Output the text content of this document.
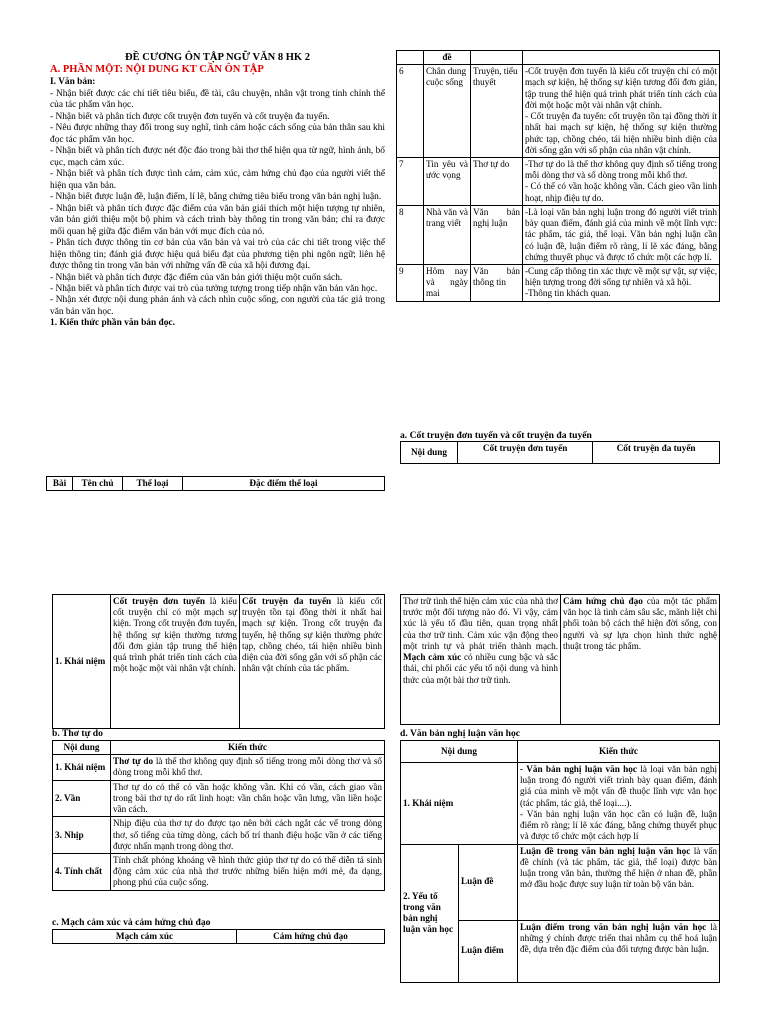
ĐỀ CƯƠNG ÔN TẬP NGỮ VĂN 8 HK 2
A. PHẦN MỘT: NỘI DUNG KT CẦN ÔN TẬP
I. Văn bản:

- Nhận biết được các chi tiết tiêu biểu, đề tài, câu chuyện, nhân vật trong tính chỉnh thể của tác phẩm văn học.

- Nhận biết và phân tích được cốt truyện đơn tuyến và cốt truyện đa tuyến.

- Nêu được những thay đổi trong suy nghĩ, tình cảm hoặc cách sống của bản thân sau khi đọc tác phẩm văn học.

- Nhận biết và phân tích được nét độc đáo trong bài thơ thể hiện qua từ ngữ, hình ảnh, bố cục, mạch cảm xúc.

- Nhận biết và phân tích được tình cảm, cảm xúc, cảm hứng chủ đạo của người viết thể hiện qua văn bản.

- Nhận biết được luận đề, luận điểm, lí lẽ, bằng chứng tiêu biểu trong văn bản nghị luận.

- Nhận biết và phân tích được đặc điểm của văn bản giải thích một hiện tượng tự nhiên, văn bản giới thiệu một bộ phim và cách trình bày thông tin trong văn bản; chỉ ra được mối quan hệ giữa đặc điểm văn bản với mục đích của nó.

- Phân tích được thông tin cơ bản của văn bản và vai trò của các chi tiết trong việc thể hiện thông tin; đánh giá được hiệu quả biểu đạt của phương tiện phi ngôn ngữ; liên hệ được thông tin trong văn bản với những vấn đề của xã hội đương đại.

- Nhận biết và phân tích được đặc điểm của văn bản giới thiệu một cuốn sách.

- Nhận biết và phân tích được vai trò của tưởng tượng trong tiếp nhận văn bản văn học.

- Nhận xét được nội dung phản ánh và cách nhìn cuộc sống, con người của tác giả trong văn bản văn học.

1. Kiến thức phần văn bản đọc.

Bài	Tên chủ	Thể loại	Đặc điểm thể loại
	đề		
6	Chân dung cuộc sống	Truyện, tiểu thuyết	-Cốt truyện đơn tuyến là kiểu cốt truyện chỉ có một mạch sự kiện, hệ thống sự kiện tương đối đơn giản, tập trung thể hiện quá trình phát triển tính cách của đời một hoặc một vài nhân vật chính.
- Cốt truyện đa tuyến: cốt truyện tồn tại đồng thời ít nhất hai mạch sự kiện, hệ thống sự kiện thường phức tạp, chồng chéo, tái hiện nhiều bình diện của đời sống gắn với số phận của nhân vật chính.
7	Tin yêu và ước vọng	Thơ tự do	-Thơ tự do là thể thơ không quy định số tiếng trong mỗi dòng thơ và số dòng trong mỗi khổ thơ.
- Có thể có vần hoặc không vần. Cách gieo vần linh hoạt, nhịp điệu tự do.
8	Nhà văn và trang viết	Văn bản nghị luận	-Là loại văn bản nghị luận trong đó người viết trình bày quan điểm, đánh giá của mình về một lĩnh vực: tác phẩm, tác giả, thể loại. Văn bản nghị luận cần có luận đề, luận điểm rõ ràng, lí lẽ xác đáng, bằng chứng thuyết phục và được tổ chức một các hợp lí.
9	Hôm nay và ngày mai	Văn bản thông tin	-Cung cấp thông tin xác thực về một sự vật, sự việc, hiện tượng trong đời sống tự nhiên và xã hội.
-Thông tin khách quan.
a. Cốt truyện đơn tuyến và cốt truyện đa tuyến
Nội dung	Cốt truyện đơn tuyến	Cốt truyện đa tuyến
1. Khái niệm	Cốt truyện đơn tuyến là kiểu cốt truyện chỉ có một mạch sự kiện. Trong cốt truyện đơn tuyến, hệ thống sự kiện thường tương đối đơn giản tập trung thể hiện quá trình phát triển tính cách của một hoặc một vài nhân vật chính.	Cốt truyện đa tuyến là kiểu cốt truyện tồn tại đồng thời ít nhất hai mạch sự kiện. Trong cốt truyện đa tuyến, hệ thống sự kiện thường phức tạp, chồng chéo, tái hiện nhiều bình diện của đời sống gắn với số phận các nhân vật chính của tác phẩm.
b. Thơ tự do
Nội dung	Kiến thức
1. Khái niệm	Thơ tự do là thể thơ không quy định số tiếng trong mỗi dòng thơ và số dòng trong mỗi khổ thơ.
2. Vần	Thơ tự do có thể có vần hoặc không vần. Khi có vần, cách giao vần trong bài thơ tự do rất linh hoạt: vần chân hoặc vần lưng, vần liền hoặc vần cách.
3. Nhịp	Nhịp điệu của thơ tự do được tạo nên bởi cách ngắt các vế trong dòng thơ, số tiếng của từng dòng, cách bố trí thanh điệu hoặc vần ở các tiếng được nhấn mạnh trong dòng thơ.
4. Tính chất	Tính chất phóng khoáng về hình thức giúp thơ tự do có thể diễn tả sinh động cảm xúc của nhà thơ trước những biến hiện mới mẻ, đa dạng, phong phú của cuộc sống.
c. Mạch cảm xúc và cảm hứng chủ đạo
Mạch cảm xúc	Cảm hứng chủ đạo
Thơ trữ tình thể hiện cảm xúc của nhà thơ trước một đối tượng nào đó. Vì vậy, cảm xúc là yếu tố đầu tiên, quan trọng nhất của thơ trữ tình. Cảm xúc vận động theo một trình tự và phát triển thành mạch. Mạch cảm xúc có nhiều cung bậc và sắc thái, chi phối các yếu tố nội dung và hình thức của một bài thơ trữ tình.	Cảm hứng chủ đạo của một tác phẩm văn học là tình cảm sâu sắc, mãnh liệt chi phối toàn bộ cách thể hiện đời sống, con người và sự lựa chọn hình thức nghệ thuật trong tác phẩm.
d. Văn bản nghị luận văn học
Nội dung		Kiến thức
1. Khái niệm		- Văn bản nghị luận văn học là loại văn bản nghị luận trong đó người viết trình bày quan điểm, đánh giá của mình về một vấn đề thuộc lĩnh vực văn học (tác phẩm, tác giả, thể loại....).
- Văn bản nghị luận văn học cần có luận đề, luận điểm rõ ràng; lí lẽ xác đáng, bằng chứng thuyết phục và được tổ chức một cách hợp lí
2. Yếu tố trong văn bản nghị luận văn học	Luận đề	Luận đề trong văn bản nghị luận văn học là vấn đề chính (và tác phẩm, tác giả, thể loại) được bàn luận trong văn bản, thường thể hiện ở nhan đề, phần mở đầu hoặc được suy luận từ toàn bộ văn bản.
	Luận điểm	Luận điểm trong văn bản nghị luận văn học là những ý chính được triển thai nhằm cụ thể hoá luận đề, dựa trên đặc điểm của đối tượng được bàn luận.
